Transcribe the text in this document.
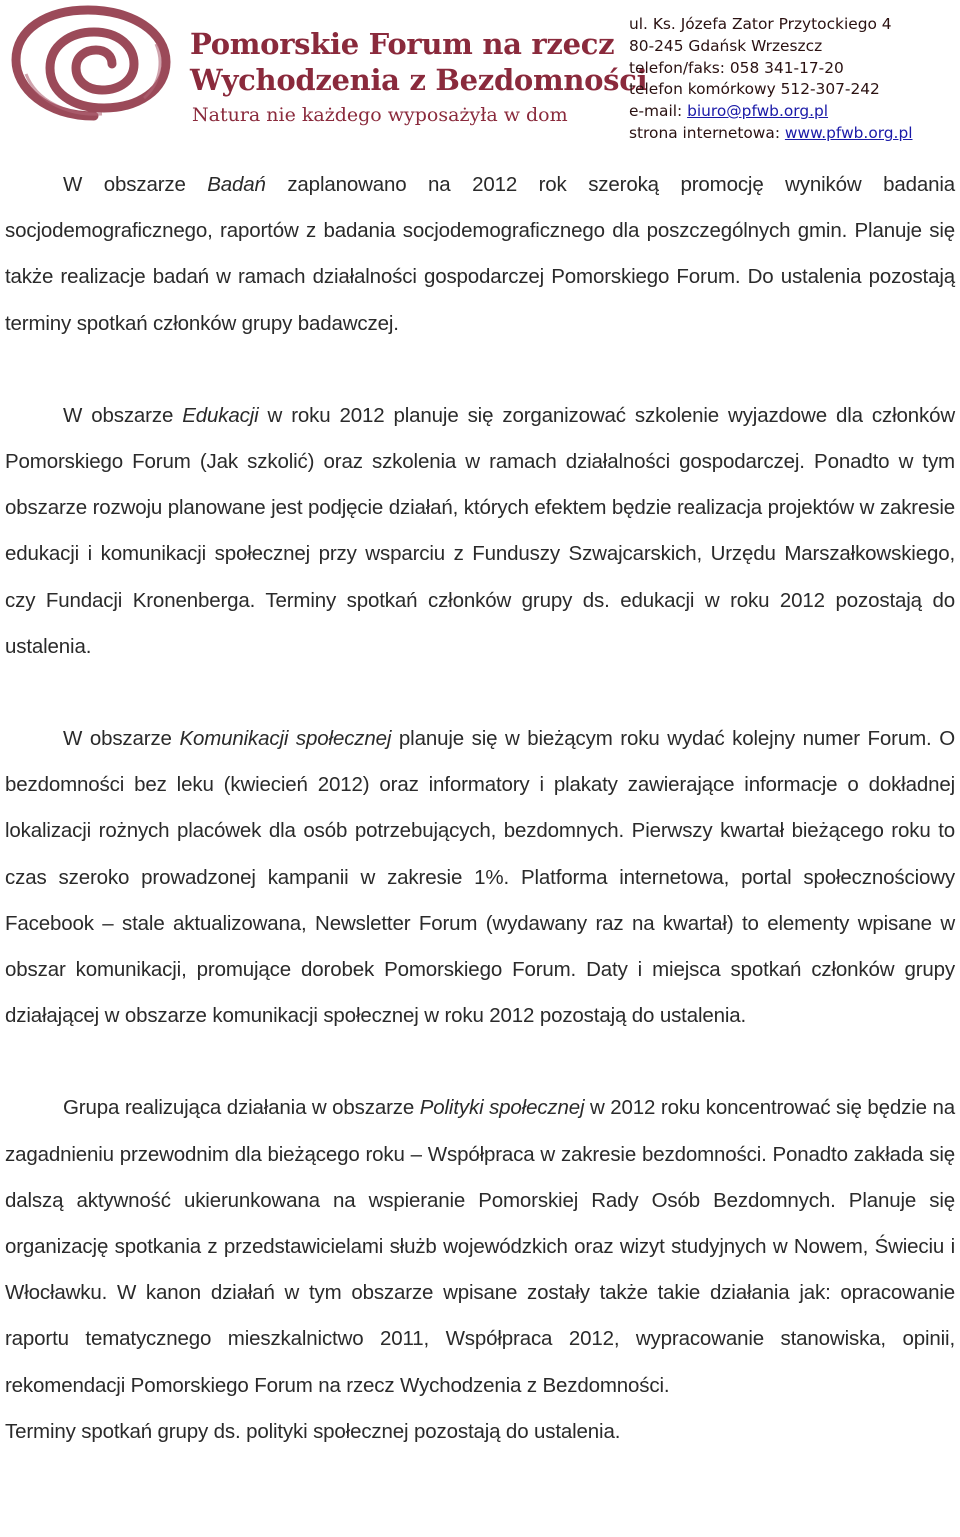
Pomorskie Forum na rzecz
Wychodzenia z Bezdomności
Natura nie każdego wyposażyła w dom
ul. Ks. Józefa Zator Przytockiego 4
80-245 Gdańsk Wrzeszcz
telefon/faks: 058 341-17-20
telefon komórkowy 512-307-242
e-mail: biuro@pfwb.org.pl
strona internetowa: www.pfwb.org.pl

W obszarze Badań zaplanowano na 2012 rok szeroką promocję wyników badania socjodemograficznego, raportów z badania socjodemograficznego dla poszczególnych gmin. Planuje się także realizacje badań w ramach działalności gospodarczej Pomorskiego Forum. Do ustalenia pozostają terminy spotkań członków grupy badawczej.

W obszarze Edukacji w roku 2012 planuje się zorganizować szkolenie wyjazdowe dla członków Pomorskiego Forum (Jak szkolić) oraz szkolenia w ramach działalności gospodarczej. Ponadto w tym obszarze rozwoju planowane jest podjęcie działań, których efektem będzie realizacja projektów w zakresie edukacji i komunikacji społecznej przy wsparciu z Funduszy Szwajcarskich, Urzędu Marszałkowskiego, czy Fundacji Kronenberga. Terminy spotkań członków grupy ds. edukacji w roku 2012 pozostają do ustalenia.

W obszarze Komunikacji społecznej planuje się w bieżącym roku wydać kolejny numer Forum. O bezdomności bez leku (kwiecień 2012) oraz informatory i plakaty zawierające informacje o dokładnej lokalizacji rożnych placówek dla osób potrzebujących, bezdomnych. Pierwszy kwartał bieżącego roku to czas szeroko prowadzonej kampanii w zakresie 1%. Platforma internetowa, portal społecznościowy Facebook – stale aktualizowana, Newsletter Forum (wydawany raz na kwartał) to elementy wpisane w obszar komunikacji, promujące dorobek Pomorskiego Forum. Daty i miejsca spotkań członków grupy działającej w obszarze komunikacji społecznej w roku 2012 pozostają do ustalenia.

Grupa realizująca działania w obszarze Polityki społecznej w 2012 roku koncentrować się będzie na zagadnieniu przewodnim dla bieżącego roku – Współpraca w zakresie bezdomności. Ponadto zakłada się dalszą aktywność ukierunkowana na wspieranie Pomorskiej Rady Osób Bezdomnych. Planuje się organizację spotkania z przedstawicielami służb wojewódzkich oraz wizyt studyjnych w Nowem, Świeciu i Włocławku. W kanon działań w tym obszarze wpisane zostały także takie działania jak: opracowanie raportu tematycznego mieszkalnictwo 2011, Współpraca 2012, wypracowanie stanowiska, opinii, rekomendacji Pomorskiego Forum na rzecz Wychodzenia z Bezdomności.

Terminy spotkań grupy ds. polityki społecznej pozostają do ustalenia.
